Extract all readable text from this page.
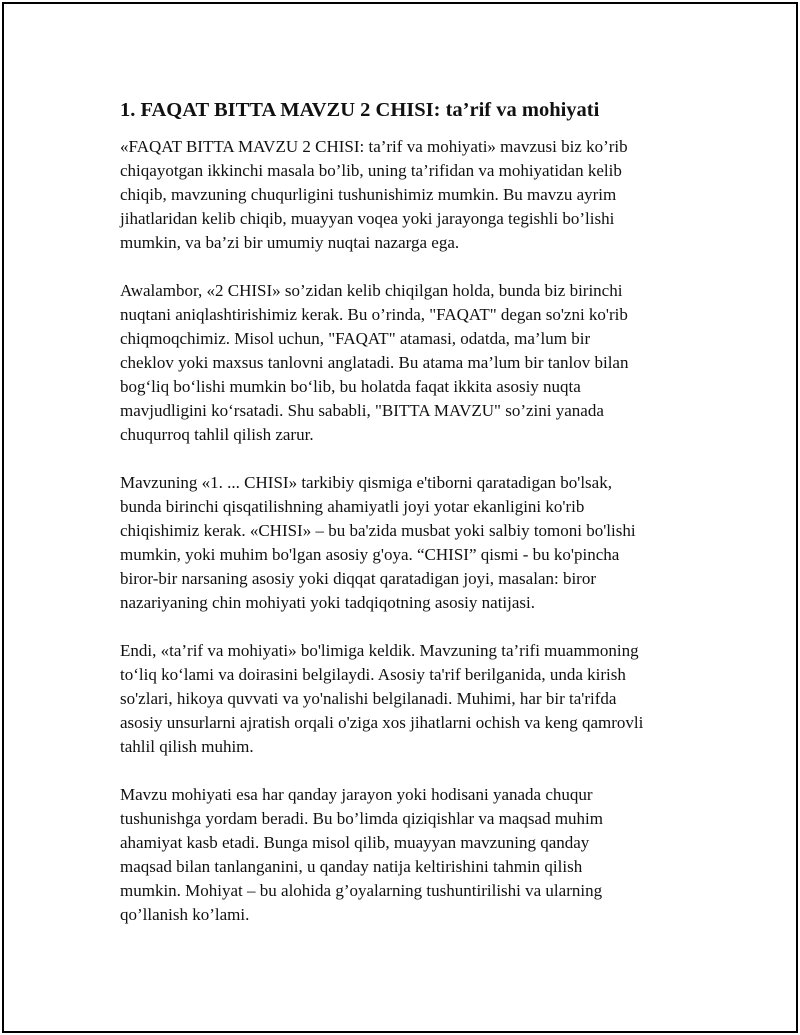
1. FAQAT BITTA MAVZU 2 CHISI: ta’rif va mohiyati

«FAQAT BITTA MAVZU 2 CHISI: ta’rif va mohiyati» mavzusi biz ko’rib
chiqayotgan ikkinchi masala bo’lib, uning ta’rifidan va mohiyatidan kelib
chiqib, mavzuning chuqurligini tushunishimiz mumkin. Bu mavzu ayrim
jihatlaridan kelib chiqib, muayyan voqea yoki jarayonga tegishli bo’lishi
mumkin, va ba’zi bir umumiy nuqtai nazarga ega.

Awalambor, «2 CHISI» so’zidan kelib chiqilgan holda, bunda biz birinchi
nuqtani aniqlashtirishimiz kerak. Bu o’rinda, "FAQAT" degan so'zni ko'rib
chiqmoqchimiz. Misol uchun, "FAQAT" atamasi, odatda, ma’lum bir
cheklov yoki maxsus tanlovni anglatadi. Bu atama ma’lum bir tanlov bilan
bog‘liq bo‘lishi mumkin bo‘lib, bu holatda faqat ikkita asosiy nuqta
mavjudligini ko‘rsatadi. Shu sababli, "BITTA MAVZU" so’zini yanada
chuqurroq tahlil qilish zarur.

Mavzuning «1. ... CHISI» tarkibiy qismiga e'tiborni qaratadigan bo'lsak,
bunda birinchi qisqatilishning ahamiyatli joyi yotar ekanligini ko'rib
chiqishimiz kerak. «CHISI» – bu ba'zida musbat yoki salbiy tomoni bo'lishi
mumkin, yoki muhim bo'lgan asosiy g'oya. “CHISI” qismi - bu ko'pincha
biror-bir narsaning asosiy yoki diqqat qaratadigan joyi, masalan: biror
nazariyaning chin mohiyati yoki tadqiqotning asosiy natijasi.

Endi, «ta’rif va mohiyati» bo'limiga keldik. Mavzuning ta’rifi muammoning
to‘liq ko‘lami va doirasini belgilaydi. Asosiy ta'rif berilganida, unda kirish
so'zlari, hikoya quvvati va yo'nalishi belgilanadi. Muhimi, har bir ta'rifda
asosiy unsurlarni ajratish orqali o'ziga xos jihatlarni ochish va keng qamrovli
tahlil qilish muhim.

Mavzu mohiyati esa har qanday jarayon yoki hodisani yanada chuqur
tushunishga yordam beradi. Bu bo’limda qiziqishlar va maqsad muhim
ahamiyat kasb etadi. Bunga misol qilib, muayyan mavzuning qanday
maqsad bilan tanlanganini, u qanday natija keltirishini tahmin qilish
mumkin. Mohiyat – bu alohida g’oyalarning tushuntirilishi va ularning
qo’llanish ko’lami.
